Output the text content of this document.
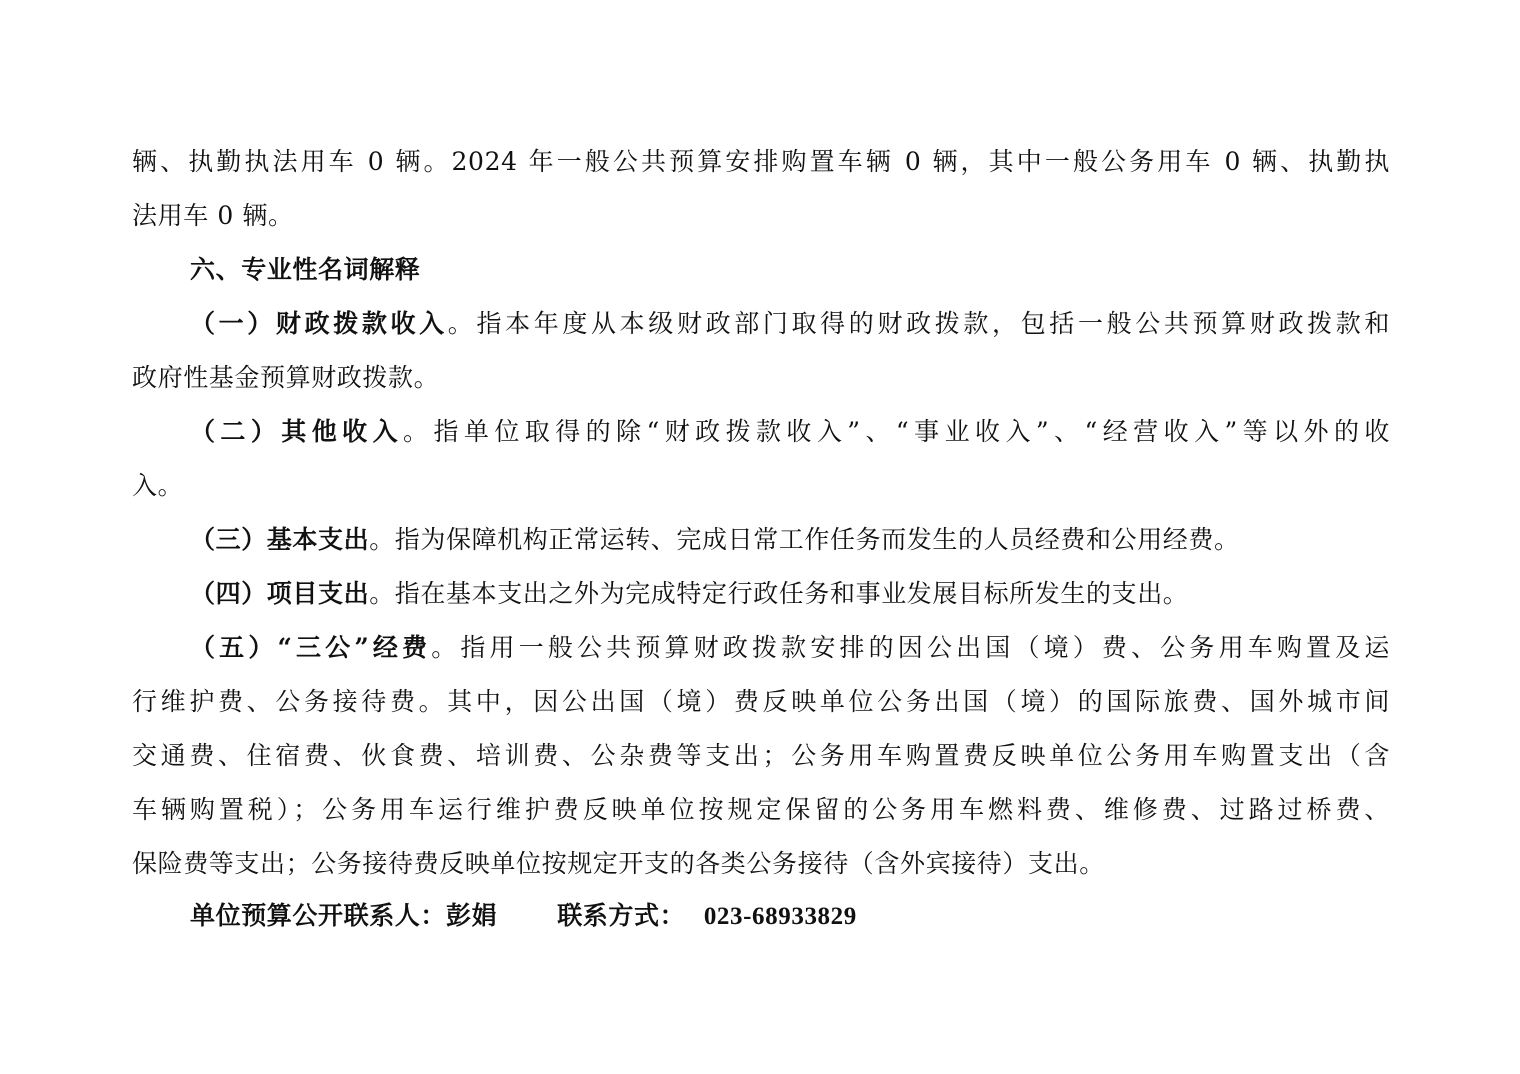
辆、执勤执法用车 0 辆。2024 年一般公共预算安排购置车辆 0 辆，其中一般公务用车 0 辆、执勤执
法用车 0 辆。
六、专业性名词解释
（一）财政拨款收入。指本年度从本级财政部门取得的财政拨款，包括一般公共预算财政拨款和
政府性基金预算财政拨款。
（二）其他收入。指单位取得的除“财政拨款收入”、“事业收入”、“经营收入”等以外的收
入。
（三）基本支出。指为保障机构正常运转、完成日常工作任务而发生的人员经费和公用经费。
（四）项目支出。指在基本支出之外为完成特定行政任务和事业发展目标所发生的支出。
（五）“三公”经费。指用一般公共预算财政拨款安排的因公出国（境）费、公务用车购置及运
行维护费、公务接待费。其中，因公出国（境）费反映单位公务出国（境）的国际旅费、国外城市间
交通费、住宿费、伙食费、培训费、公杂费等支出；公务用车购置费反映单位公务用车购置支出（含
车辆购置税）；公务用车运行维护费反映单位按规定保留的公务用车燃料费、维修费、过路过桥费、
保险费等支出；公务接待费反映单位按规定开支的各类公务接待（含外宾接待）支出。
单位预算公开联系人：彭娟 联系方式： 023-68933829
